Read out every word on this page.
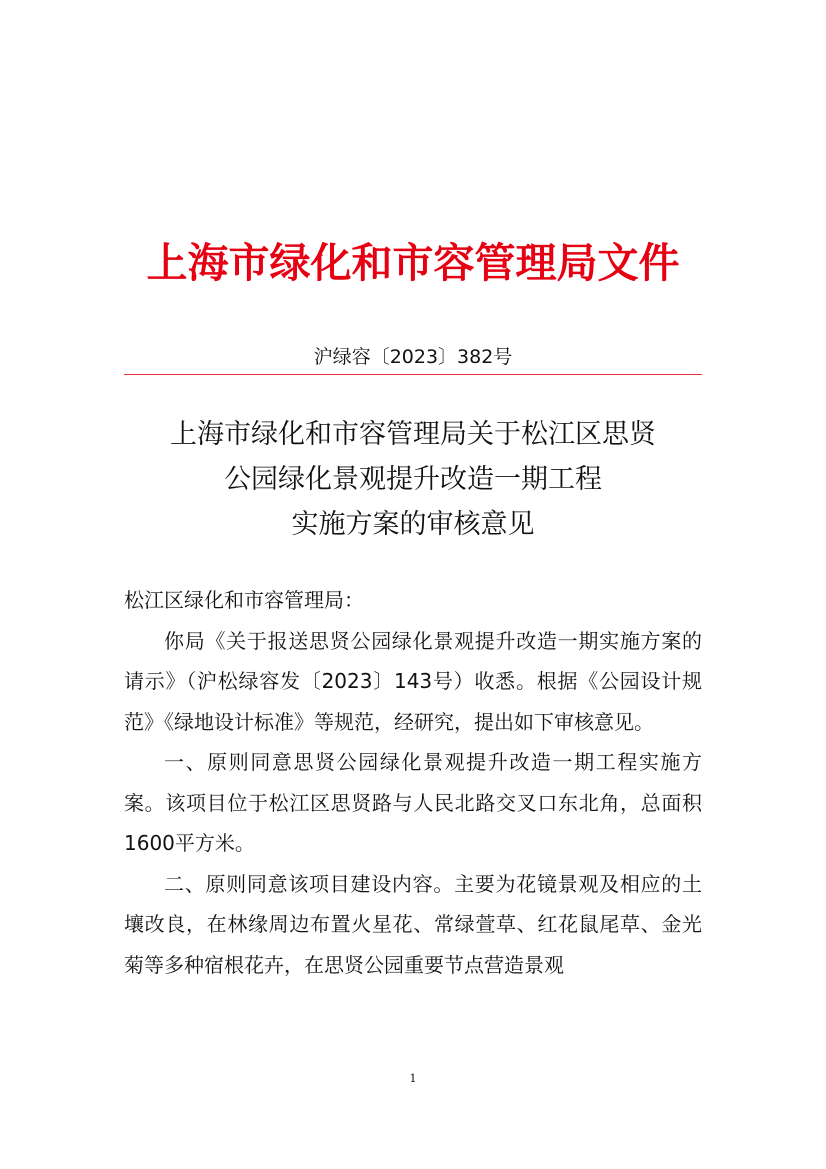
上海市绿化和市容管理局文件
沪绿容〔2023〕382号
上海市绿化和市容管理局关于松江区思贤
公园绿化景观提升改造一期工程
实施方案的审核意见

松江区绿化和市容管理局：

你局《关于报送思贤公园绿化景观提升改造一期实施方案的请示》（沪松绿容发〔2023〕143号）收悉。根据《公园设计规范》《绿地设计标准》等规范，经研究，提出如下审核意见。

一、原则同意思贤公园绿化景观提升改造一期工程实施方案。该项目位于松江区思贤路与人民北路交叉口东北角，总面积1600平方米。

二、原则同意该项目建设内容。主要为花镜景观及相应的土壤改良，在林缘周边布置火星花、常绿萱草、红花鼠尾草、金光菊等多种宿根花卉，在思贤公园重要节点营造景观

1
